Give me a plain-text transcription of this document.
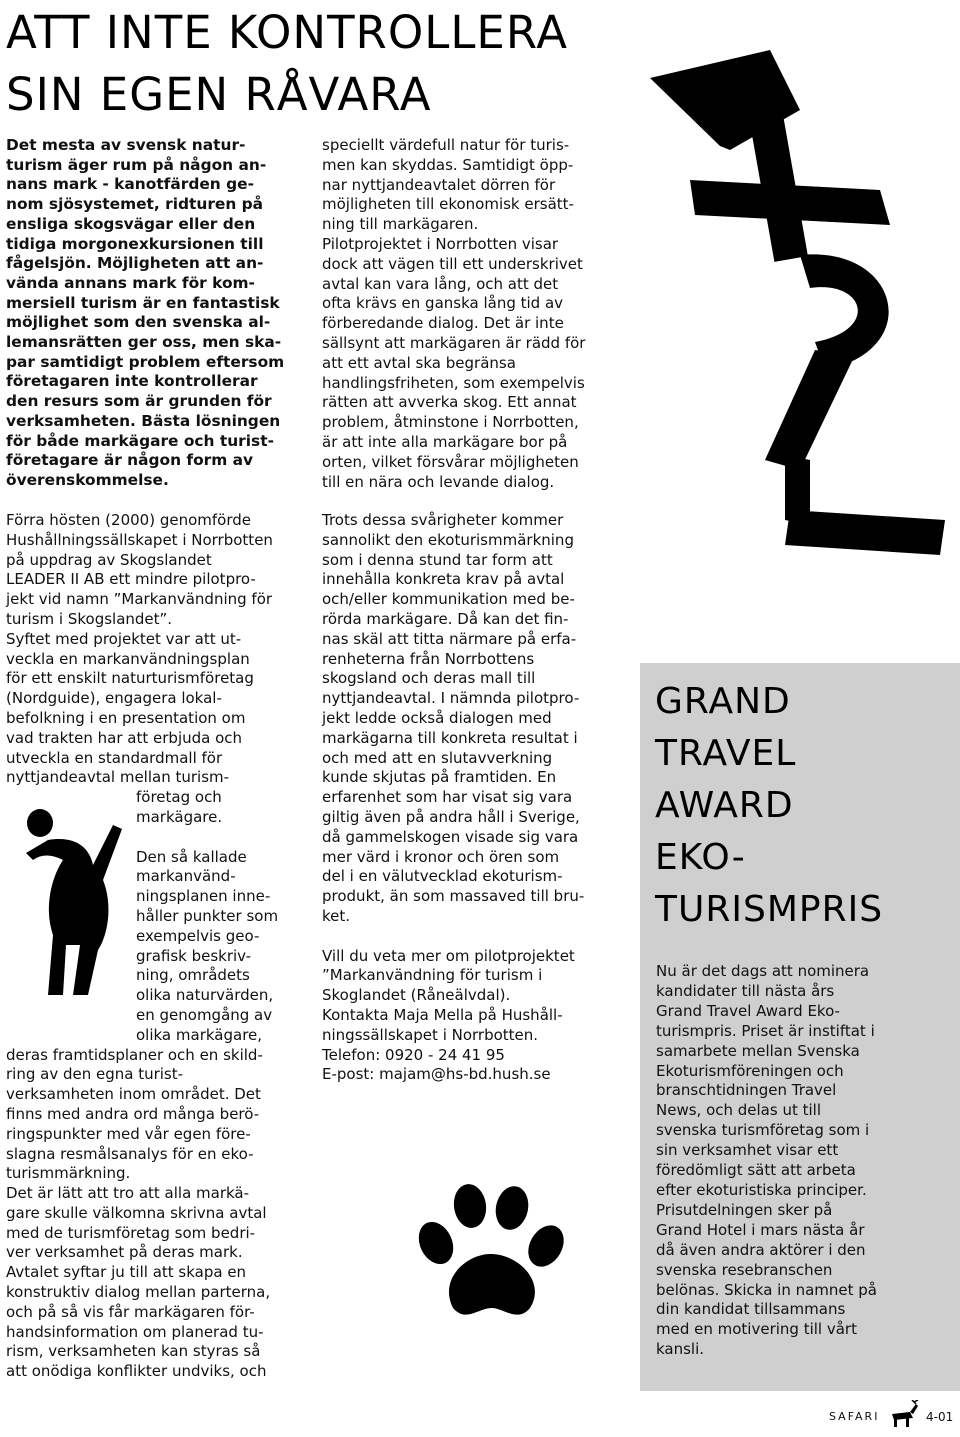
ATT INTE KONTROLLERA
SIN EGEN RÅVARA

Det mesta av svensk natur-

turism äger rum på någon an-

nans mark - kanotfärden ge-

nom sjösystemet, ridturen på

ensliga skogsvägar eller den

tidiga morgonexkursionen till

fågelsjön. Möjligheten att an-

vända annans mark för kom-

mersiell turism är en fantastisk

möjlighet som den svenska al-

lemansrätten ger oss, men ska-

par samtidigt problem eftersom

företagaren inte kontrollerar

den resurs som är grunden för

verksamheten. Bästa lösningen

för både markägare och turist-

företagare är någon form av

överenskommelse.

speciellt värdefull natur för turis-

men kan skyddas. Samtidigt öpp-

nar nyttjandeavtalet dörren för

möjligheten till ekonomisk ersätt-

ning till markägaren.

Pilotprojektet i Norrbotten visar

dock att vägen till ett underskrivet

avtal kan vara lång, och att det

ofta krävs en ganska lång tid av

förberedande dialog. Det är inte

sällsynt att markägaren är rädd för

att ett avtal ska begränsa

handlingsfriheten, som exempelvis

rätten att avverka skog. Ett annat

problem, åtminstone i Norrbotten,

är att inte alla markägare bor på

orten, vilket försvårar möjligheten

till en nära och levande dialog.

Förra hösten (2000) genomförde

Hushållningssällskapet i Norrbotten

på uppdrag av Skogslandet

LEADER II AB ett mindre pilotpro-

jekt vid namn ”Markanvändning för

turism i Skogslandet”.

Syftet med projektet var att ut-

veckla en markanvändningsplan

för ett enskilt naturturismföretag

(Nordguide), engagera lokal-

befolkning i en presentation om

vad trakten har att erbjuda och

utveckla en standardmall för

nyttjandeavtal mellan turism-

företag och

markägare.

Den så kallade

markanvänd-

ningsplanen inne-

håller punkter som

exempelvis geo-

grafisk beskriv-

ning, områdets

olika naturvärden,

en genomgång av

olika markägare,

deras framtidsplaner och en skild-

ring av den egna turist-

verksamheten inom området. Det

finns med andra ord många berö-

ringspunkter med vår egen före-

slagna resmålsanalys för en eko-

turismmärkning.

Det är lätt att tro att alla markä-

gare skulle välkomna skrivna avtal

med de turismföretag som bedri-

ver verksamhet på deras mark.

Avtalet syftar ju till att skapa en

konstruktiv dialog mellan parterna,

och på så vis får markägaren för-

handsinformation om planerad tu-

rism, verksamheten kan styras så

att onödiga konflikter undviks, och

Trots dessa svårigheter kommer

sannolikt den ekoturismmärkning

som i denna stund tar form att

innehålla konkreta krav på avtal

och/eller kommunikation med be-

rörda markägare. Då kan det fin-

nas skäl att titta närmare på erfa-

renheterna från Norrbottens

skogsland och deras mall till

nyttjandeavtal. I nämnda pilotpro-

jekt ledde också dialogen med

markägarna till konkreta resultat i

och med att en slutavverkning

kunde skjutas på framtiden. En

erfarenhet som har visat sig vara

giltig även på andra håll i Sverige,

då gammelskogen visade sig vara

mer värd i kronor och ören som

del i en välutvecklad ekoturism-

produkt, än som massaved till bru-

ket.

Vill du veta mer om pilotprojektet

”Markanvändning för turism i

Skoglandet (Råneälvdal).

Kontakta Maja Mella på Hushåll-

ningssällskapet i Norrbotten.

Telefon: 0920 - 24 41 95

E-post: majam@hs-bd.hush.se

GRAND
TRAVEL
AWARD
EKO-
TURISMPRIS

Nu är det dags att nominera

kandidater till nästa års

Grand Travel Award Eko-

turismpris. Priset är instiftat i

samarbete mellan Svenska

Ekoturismföreningen och

branschtidningen Travel

News, och delas ut till

svenska turismföretag som i

sin verksamhet visar ett

föredömligt sätt att arbeta

efter ekoturistiska principer.

Prisutdelningen sker på

Grand Hotel i mars nästa år

då även andra aktörer i den

svenska resebranschen

belönas. Skicka in namnet på

din kandidat tillsammans

med en motivering till vårt

kansli.

SAFARI	4-01
